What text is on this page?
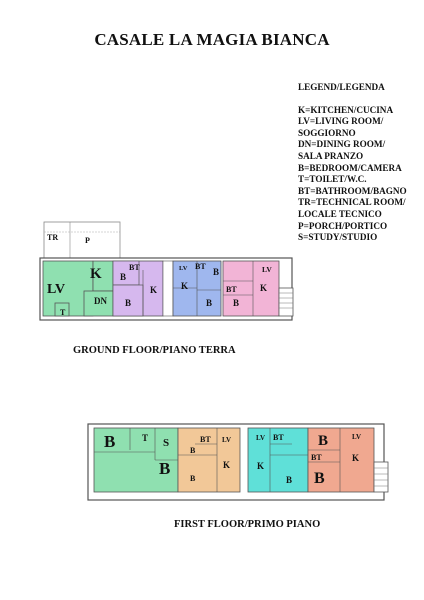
CASALE LA MAGIA BIANCA
LEGEND/LEGENDA
K=KITCHEN/CUCINA
LV=LIVING ROOM/
SOGGIORNO
DN=DINING ROOM/
SALA PRANZO
B=BEDROOM/CAMERA
T=TOILET/W.C.
BT=BATHROOM/BAGNO
TR=TECHNICAL ROOM/
LOCALE TECNICO
P=PORCH/PORTICO
S=STUDY/STUDIO
TR	P
LV
K
DN
T
BT
B
K
B
LV BT
K
B
B	LV
K
BT
B
B	T S
B
BT LV
B
K
B
LV BT
K
B
B	LV
BT	K
B
GROUND FLOOR/PIANO TERRA
FIRST FLOOR/PRIMO PIANO
